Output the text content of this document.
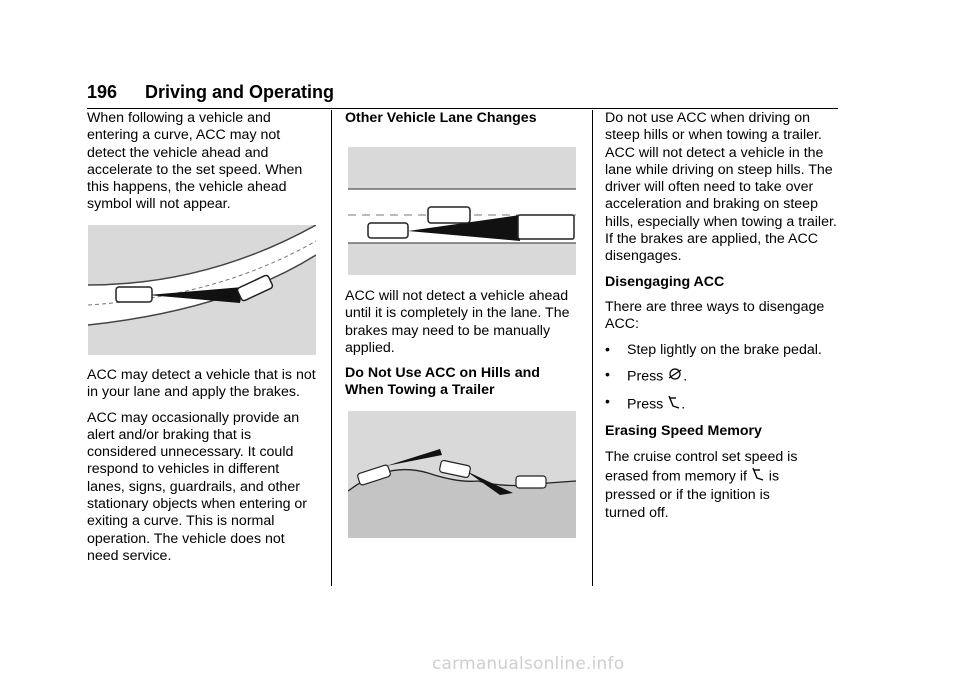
196 Driving and Operating

When following a vehicle and entering a curve, ACC may not detect the vehicle ahead and accelerate to the set speed. When this happens, the vehicle ahead symbol will not appear.

ACC may detect a vehicle that is not in your lane and apply the brakes.

ACC may occasionally provide an alert and/or braking that is considered unnecessary. It could respond to vehicles in different lanes, signs, guardrails, and other stationary objects when entering or exiting a curve. This is normal operation. The vehicle does not need service.

Other Vehicle Lane Changes

ACC will not detect a vehicle ahead until it is completely in the lane. The brakes may need to be manually applied.

Do Not Use ACC on Hills and When Towing a Trailer

Do not use ACC when driving on steep hills or when towing a trailer. ACC will not detect a vehicle in the lane while driving on steep hills. The driver will often need to take over acceleration and braking on steep hills, especially when towing a trailer. If the brakes are applied, the ACC disengages.

Disengaging ACC

There are three ways to disengage ACC:

•	Step lightly on the brake pedal.
•	Press .
•	Press .

Erasing Speed Memory

The cruise control set speed is
erased from memory if  is
pressed or if the ignition is
turned off.

carmanualsonline.info
